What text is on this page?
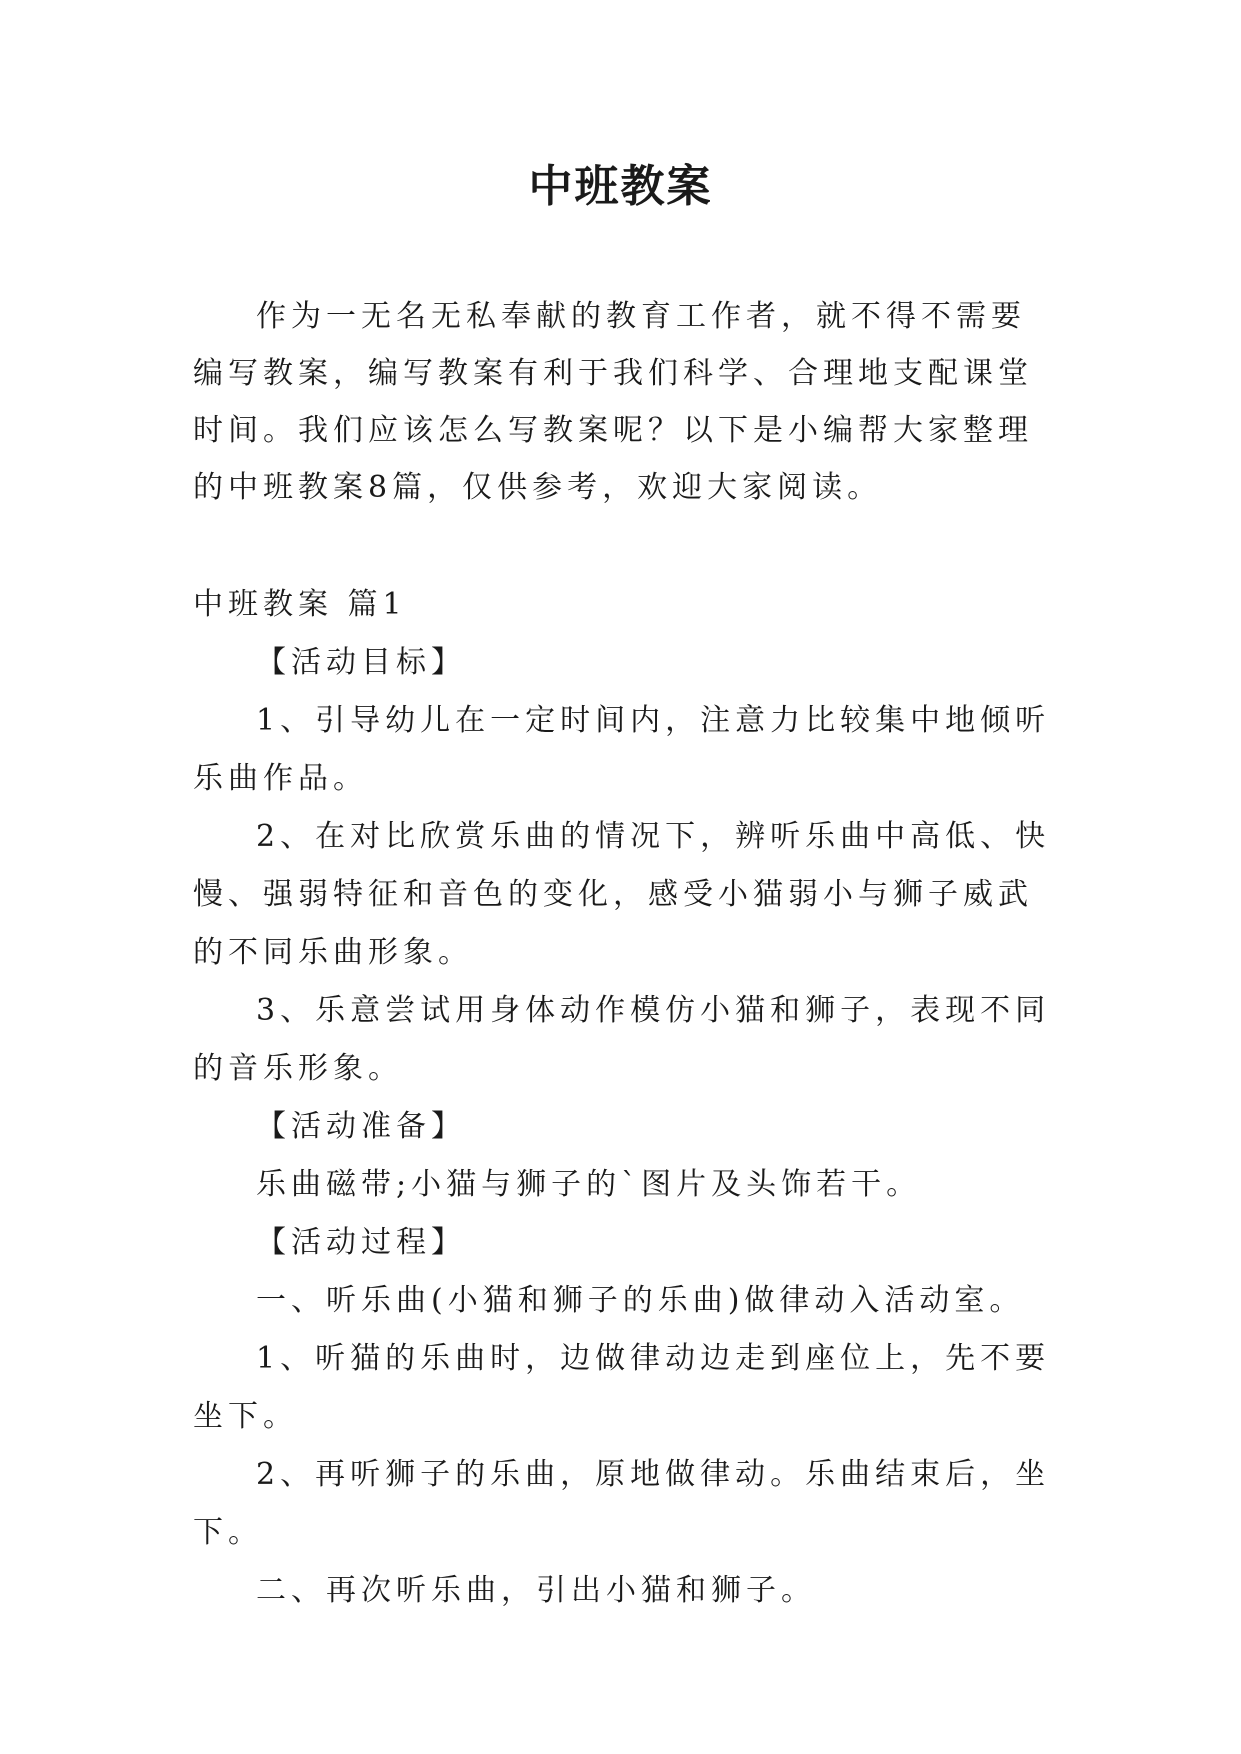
中班教案

作为一无名无私奉献的教育工作者，就不得不需要编写教案，编写教案有利于我们科学、合理地支配课堂时间。我们应该怎么写教案呢？以下是小编帮大家整理的中班教案8篇，仅供参考，欢迎大家阅读。

中班教案 篇1

【活动目标】

1、引导幼儿在一定时间内，注意力比较集中地倾听乐曲作品。

2、在对比欣赏乐曲的情况下，辨听乐曲中高低、快慢、强弱特征和音色的变化，感受小猫弱小与狮子威武的不同乐曲形象。

3、乐意尝试用身体动作模仿小猫和狮子，表现不同的音乐形象。

【活动准备】

乐曲磁带;小猫与狮子的`图片及头饰若干。

【活动过程】

一、听乐曲(小猫和狮子的乐曲)做律动入活动室。

1、听猫的乐曲时，边做律动边走到座位上，先不要坐下。

2、再听狮子的乐曲，原地做律动。乐曲结束后，坐下。

二、再次听乐曲，引出小猫和狮子。
